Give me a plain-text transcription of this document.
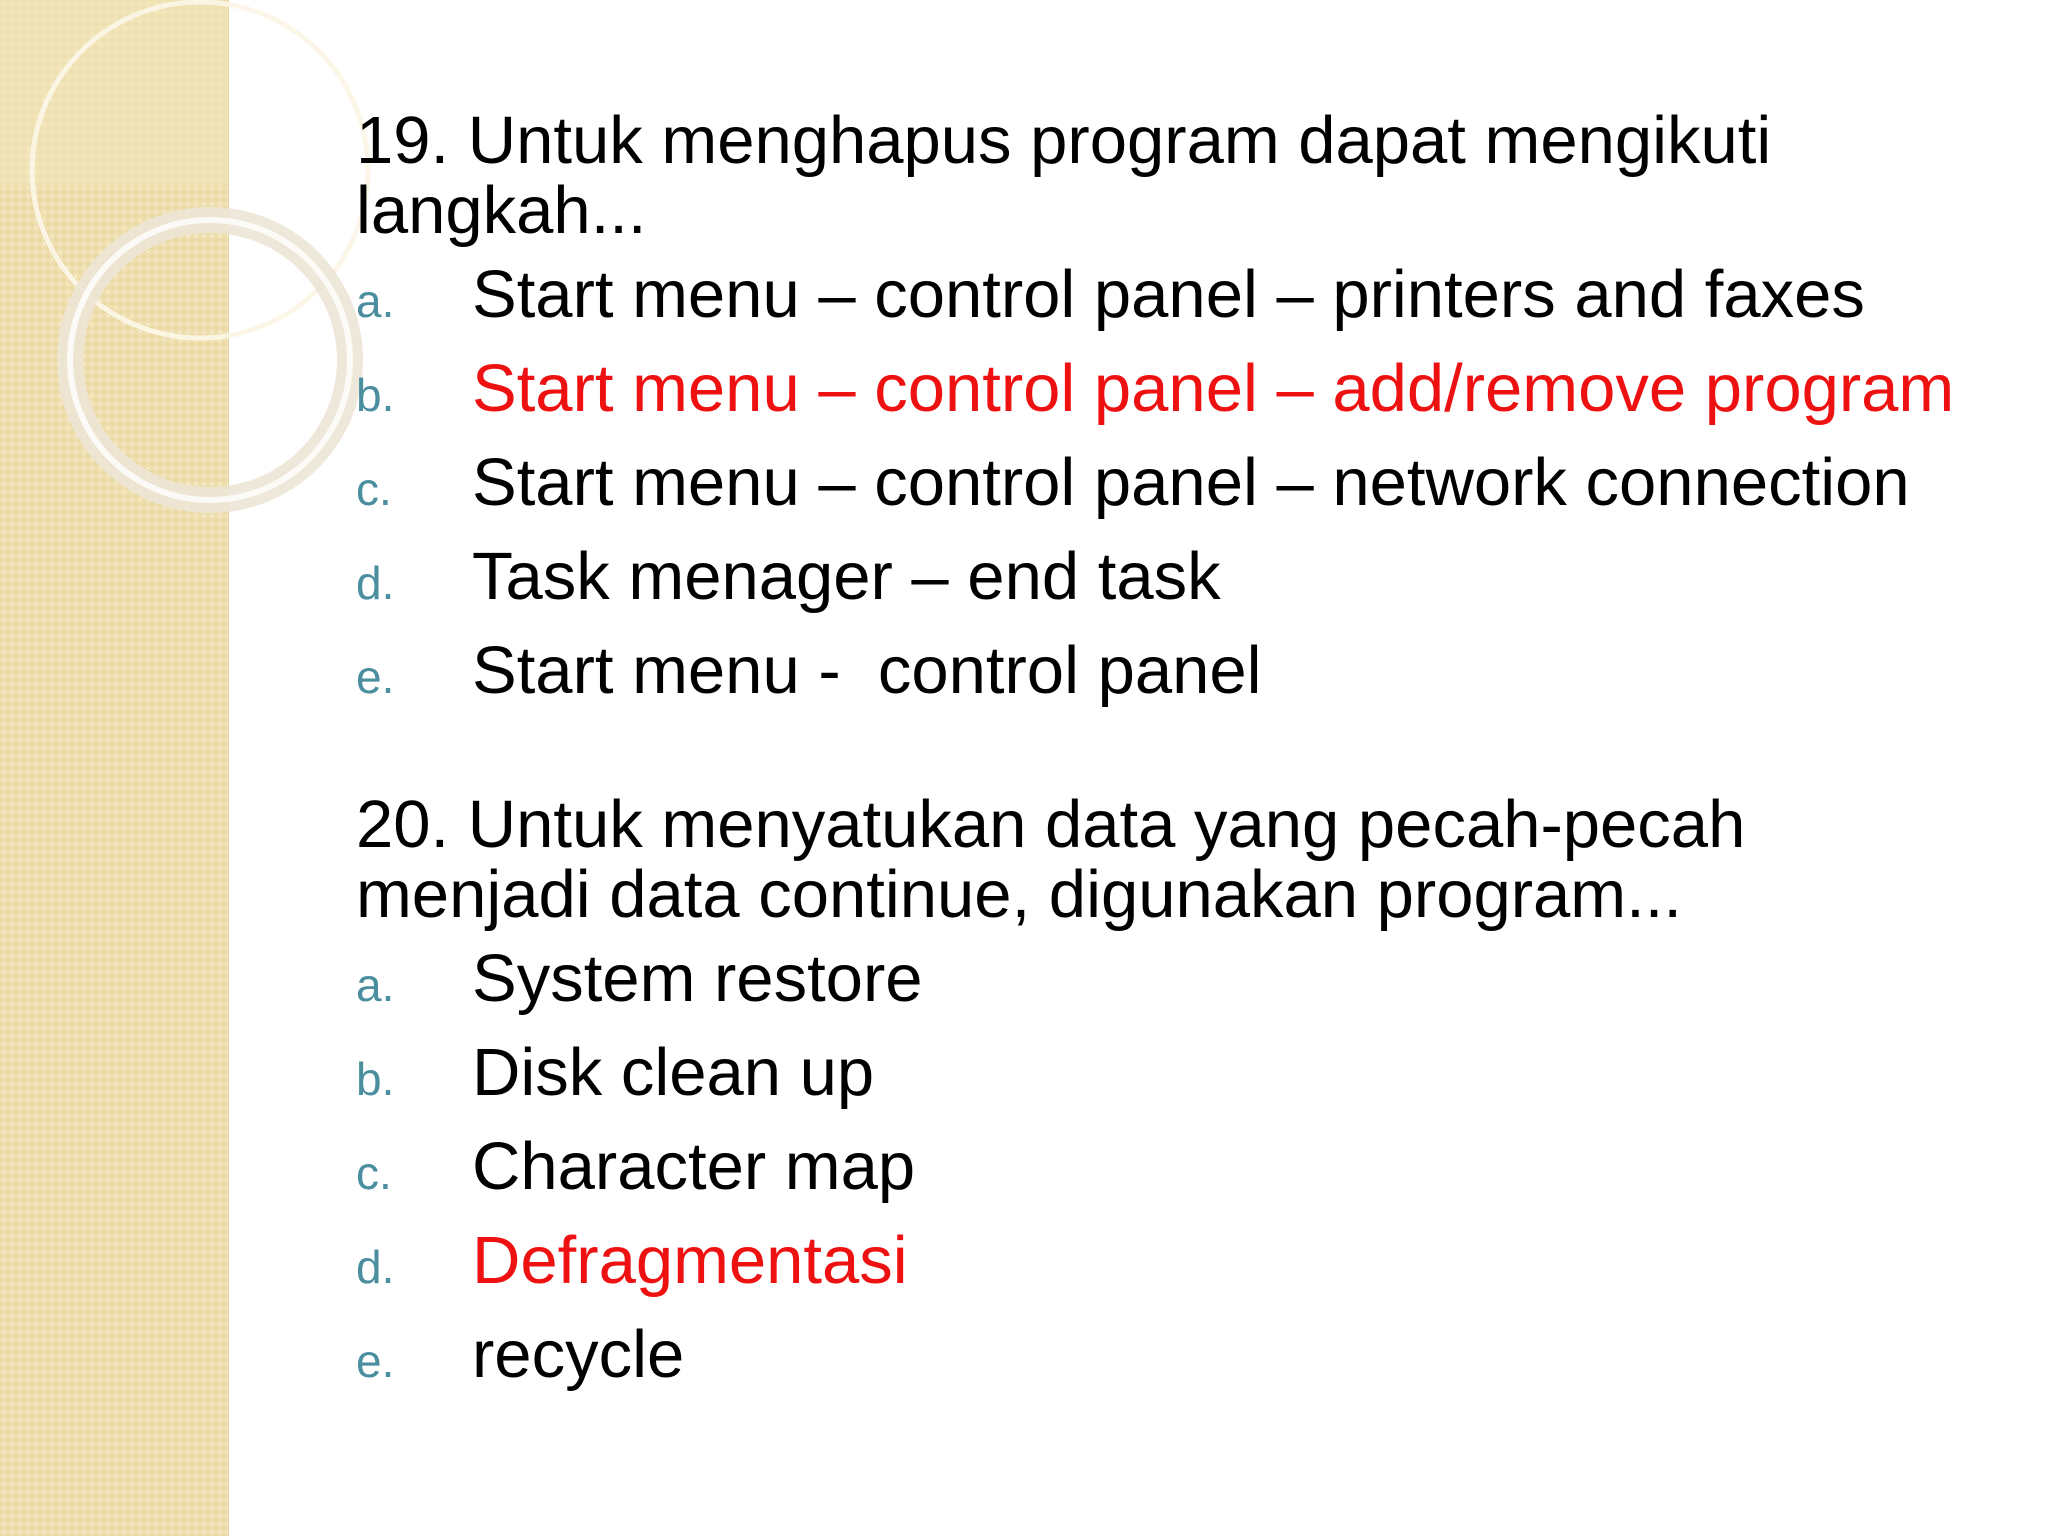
19. Untuk menghapus program dapat mengikuti langkah...

a.	Start menu – control panel – printers and faxes
b.	Start menu – control panel – add/remove program
c.	Start menu – control panel – network connection
d.	Task menager – end task
e.	Start menu -  control panel

20. Untuk menyatukan data yang pecah-pecah menjadi data continue, digunakan program...

a.	System restore
b.	Disk clean up
c.	Character map
d.	Defragmentasi
e.	recycle
